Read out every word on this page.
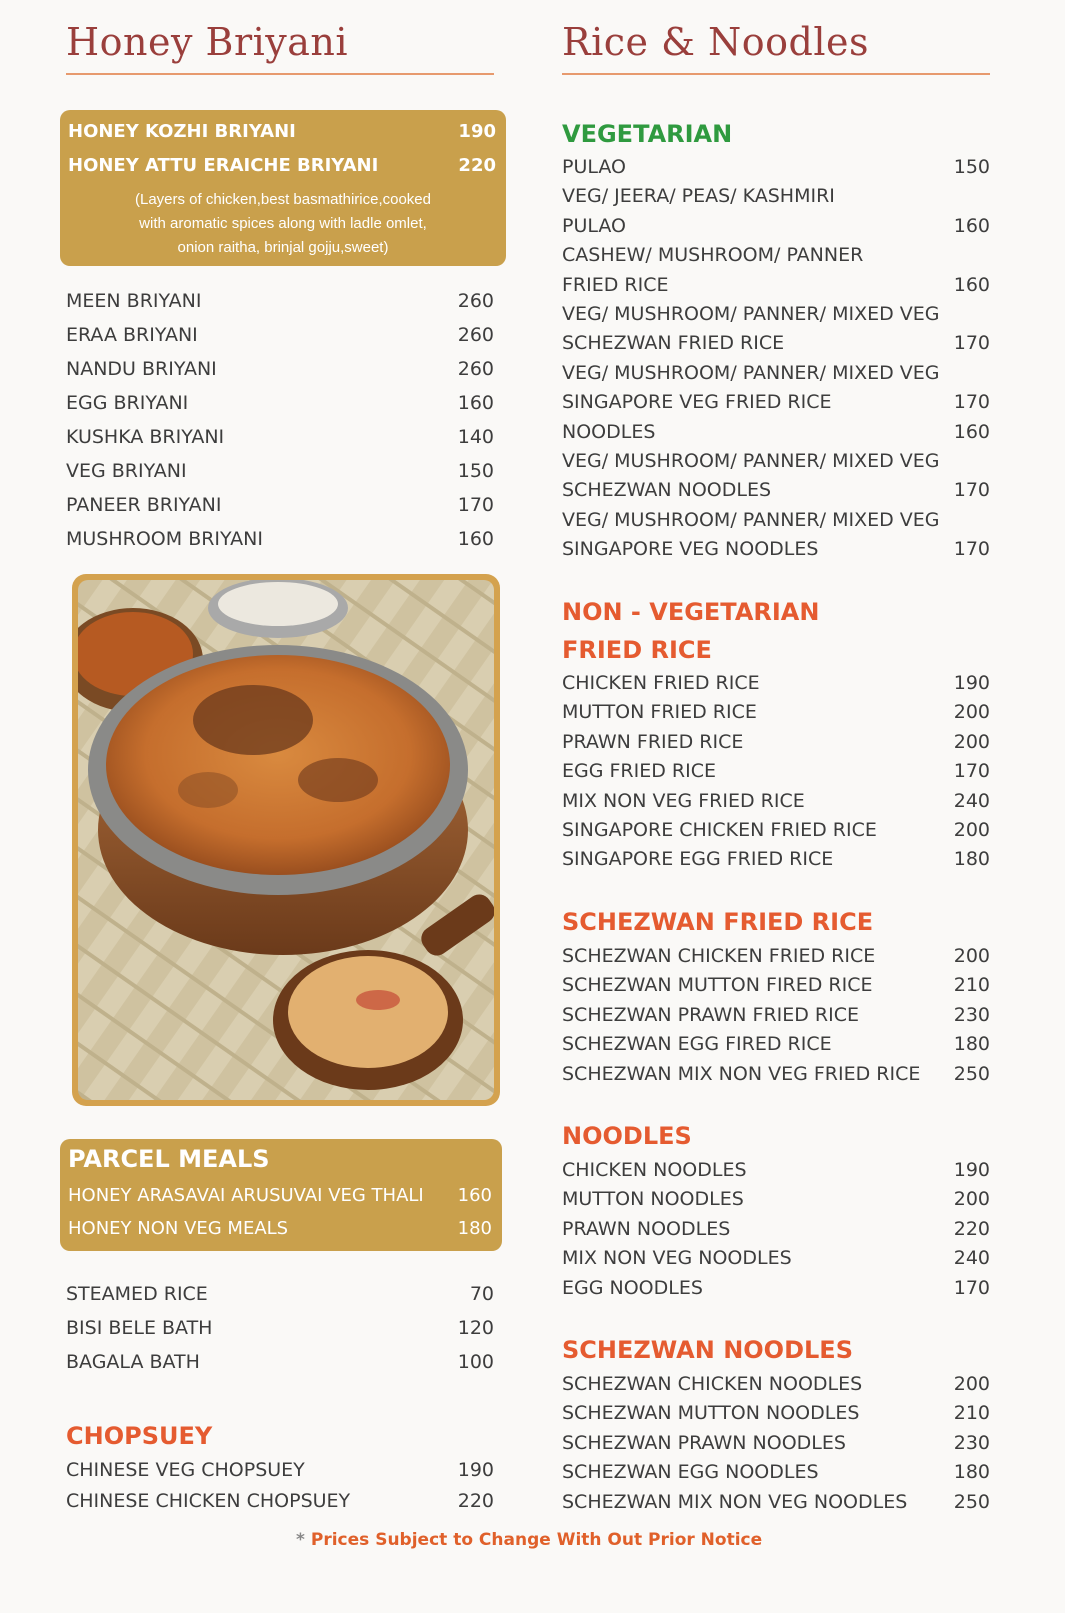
Honey Briyani
HONEY KOZHI BRIYANI	190
HONEY ATTU ERAICHE BRIYANI	220
(Layers of chicken,best basmathirice,cooked
with aromatic spices along with ladle omlet,
onion raitha, brinjal gojju,sweet)
MEEN BRIYANI	260
ERAA BRIYANI	260
NANDU BRIYANI	260
EGG BRIYANI	160
KUSHKA BRIYANI	140
VEG BRIYANI	150
PANEER BRIYANI	170
MUSHROOM BRIYANI	160
PARCEL MEALS
HONEY ARASAVAI ARUSUVAI VEG THALI 160
HONEY NON VEG MEALS	180
STEAMED RICE	70
BISI BELE BATH	120
BAGALA BATH	100
CHOPSUEY
CHINESE VEG CHOPSUEY	190
CHINESE CHICKEN CHOPSUEY	220
Rice & Noodles
VEGETARIAN
PULAO	150
VEG/ JEERA/ PEAS/ KASHMIRI
PULAO	160
CASHEW/ MUSHROOM/ PANNER
FRIED RICE	160
VEG/ MUSHROOM/ PANNER/ MIXED VEG
SCHEZWAN FRIED RICE	170
VEG/ MUSHROOM/ PANNER/ MIXED VEG
SINGAPORE VEG FRIED RICE	170
NOODLES	160
VEG/ MUSHROOM/ PANNER/ MIXED VEG
SCHEZWAN NOODLES	170
VEG/ MUSHROOM/ PANNER/ MIXED VEG
SINGAPORE VEG NOODLES	170
NON - VEGETARIAN
FRIED RICE
CHICKEN FRIED RICE	190
MUTTON FRIED RICE	200
PRAWN FRIED RICE	200
EGG FRIED RICE	170
MIX NON VEG FRIED RICE	240
SINGAPORE CHICKEN FRIED RICE	200
SINGAPORE EGG FRIED RICE	180
SCHEZWAN FRIED RICE
SCHEZWAN CHICKEN FRIED RICE	200
SCHEZWAN MUTTON FIRED RICE	210
SCHEZWAN PRAWN FRIED RICE	230
SCHEZWAN EGG FIRED RICE	180
SCHEZWAN MIX NON VEG FRIED RICE 250
NOODLES
CHICKEN NOODLES	190
MUTTON NOODLES	200
PRAWN NOODLES	220
MIX NON VEG NOODLES	240
EGG NOODLES	170
SCHEZWAN NOODLES
SCHEZWAN CHICKEN NOODLES	200
SCHEZWAN MUTTON NOODLES	210
SCHEZWAN PRAWN NOODLES	230
SCHEZWAN EGG NOODLES	180
SCHEZWAN MIX NON VEG NOODLES 250
* Prices Subject to Change With Out Prior Notice
